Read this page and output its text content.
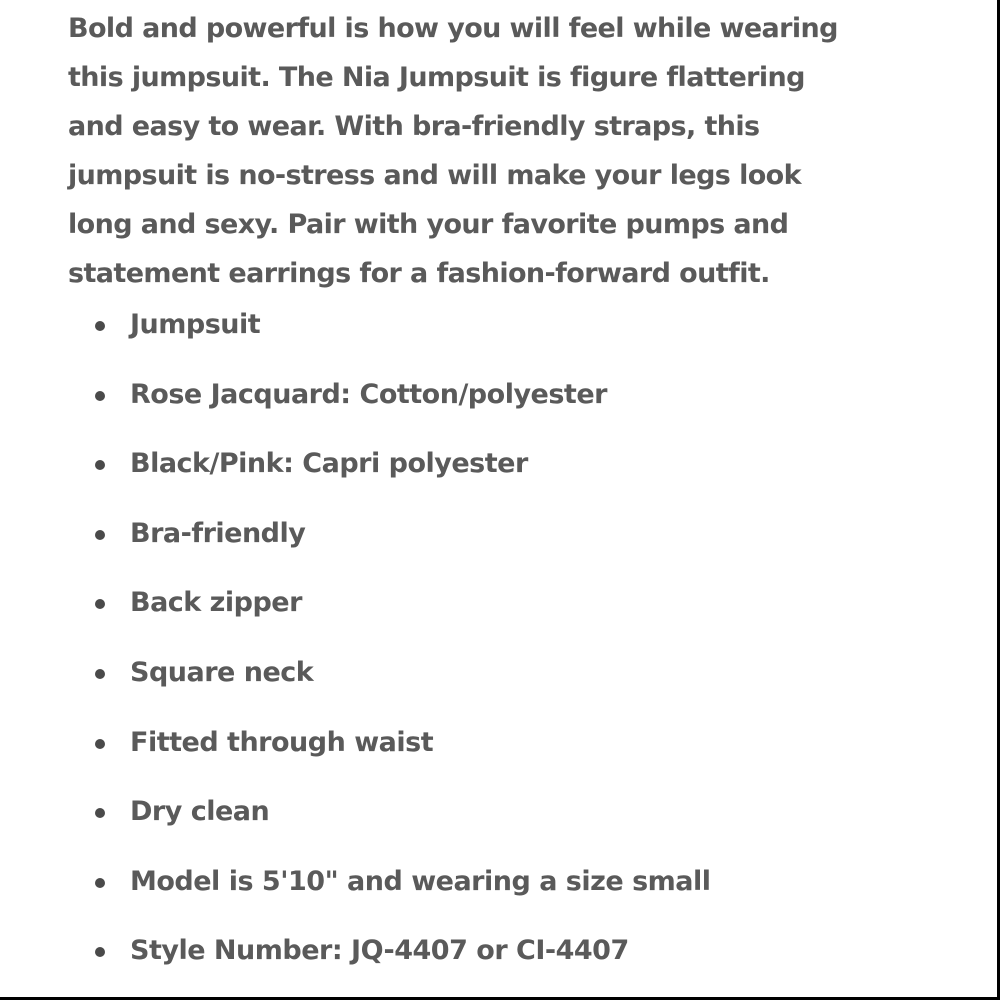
Bold and powerful is how you will feel while wearing
this jumpsuit. The Nia Jumpsuit is figure flattering
and easy to wear. With bra-friendly straps, this
jumpsuit is no-stress and will make your legs look
long and sexy. Pair with your favorite pumps and
statement earrings for a fashion-forward outfit.

Jumpsuit
Rose Jacquard: Cotton/polyester
Black/Pink: Capri polyester
Bra-friendly
Back zipper
Square neck
Fitted through waist
Dry clean
Model is 5'10" and wearing a size small
Style Number: JQ-4407 or CI-4407
